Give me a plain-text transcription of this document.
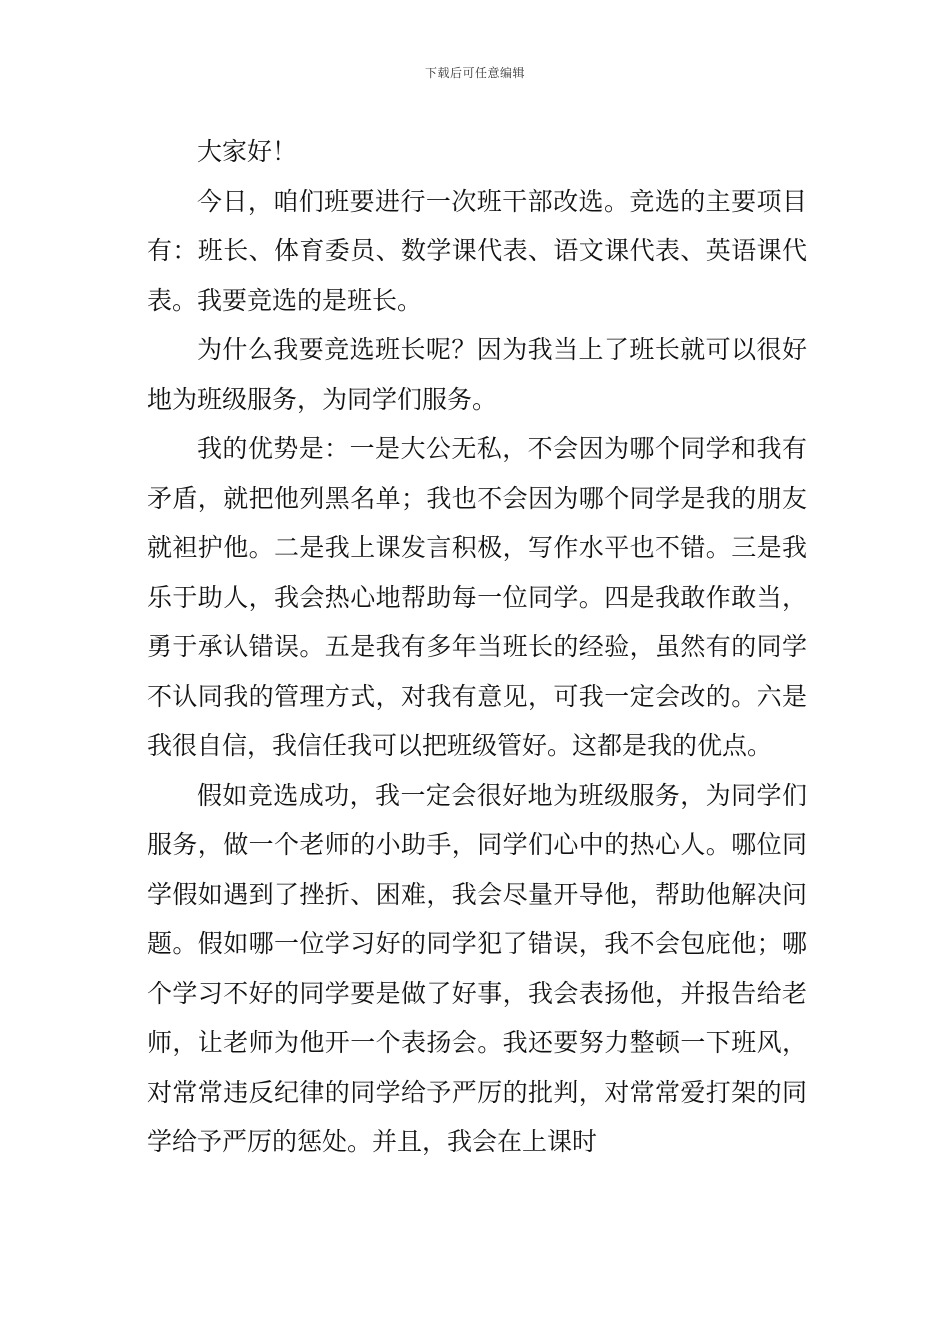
下载后可任意编辑

大家好！

今日，咱们班要进行一次班干部改选。竞选的主要项目有：班长、体育委员、数学课代表、语文课代表、英语课代表。我要竞选的是班长。

为什么我要竞选班长呢？因为我当上了班长就可以很好地为班级服务，为同学们服务。

我的优势是：一是大公无私，不会因为哪个同学和我有矛盾，就把他列黑名单；我也不会因为哪个同学是我的朋友就袒护他。二是我上课发言积极，写作水平也不错。三是我乐于助人，我会热心地帮助每一位同学。四是我敢作敢当，勇于承认错误。五是我有多年当班长的经验，虽然有的同学不认同我的管理方式，对我有意见，可我一定会改的。六是我很自信，我信任我可以把班级管好。这都是我的优点。

假如竞选成功，我一定会很好地为班级服务，为同学们服务，做一个老师的小助手，同学们心中的热心人。哪位同学假如遇到了挫折、困难，我会尽量开导他，帮助他解决问题。假如哪一位学习好的同学犯了错误，我不会包庇他；哪个学习不好的同学要是做了好事，我会表扬他，并报告给老师，让老师为他开一个表扬会。我还要努力整顿一下班风，对常常违反纪律的同学给予严厉的批判，对常常爱打架的同学给予严厉的惩处。并且，我会在上课时
